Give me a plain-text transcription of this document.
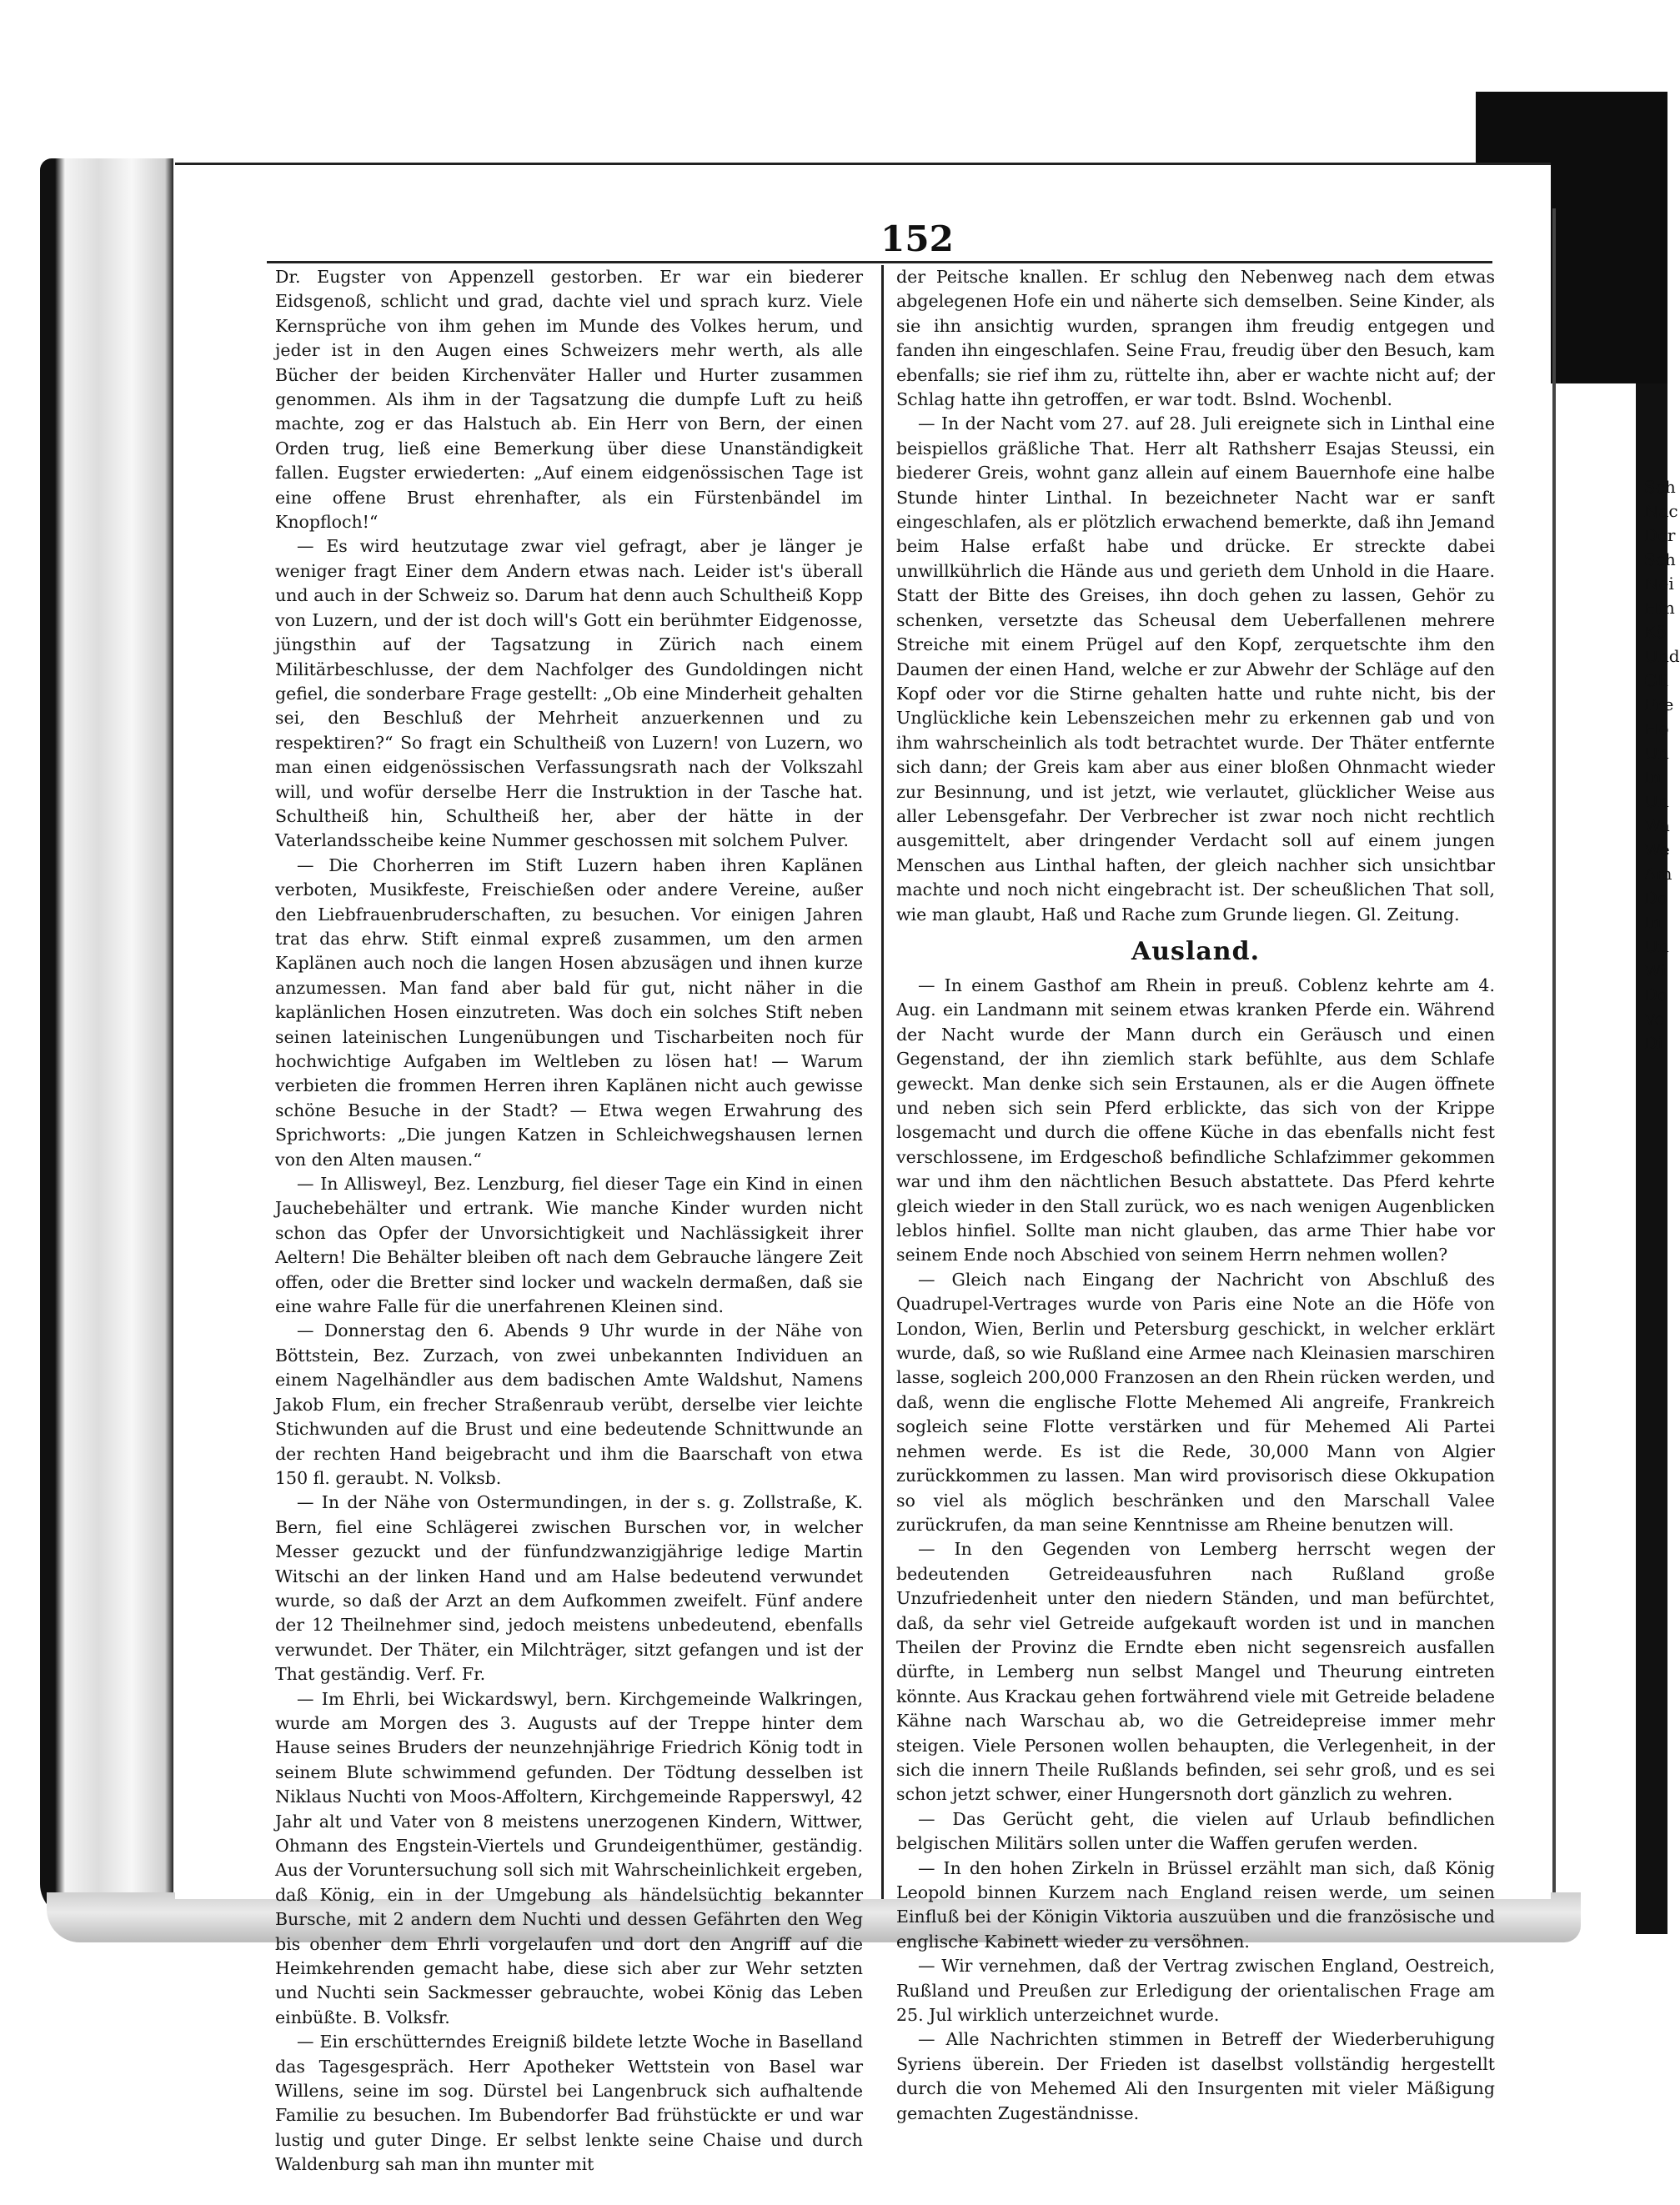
152

Dr. Eugster von Appenzell gestorben. Er war ein biederer Eidsgenoß, schlicht und grad, dachte viel und sprach kurz. Viele Kernsprüche von ihm gehen im Munde des Volkes herum, und jeder ist in den Augen eines Schweizers mehr werth, als alle Bücher der beiden Kirchenväter Haller und Hurter zusammen genommen. Als ihm in der Tagsatzung die dumpfe Luft zu heiß machte, zog er das Halstuch ab. Ein Herr von Bern, der einen Orden trug, ließ eine Bemerkung über diese Unanständigkeit fallen. Eugster erwiederten: „Auf einem eidgenössischen Tage ist eine offene Brust ehrenhafter, als ein Fürstenbändel im Knopfloch!“

— Es wird heutzutage zwar viel gefragt, aber je länger je weniger fragt Einer dem Andern etwas nach. Leider ist's überall und auch in der Schweiz so. Darum hat denn auch Schultheiß Kopp von Luzern, und der ist doch will's Gott ein berühmter Eidgenosse, jüngsthin auf der Tagsatzung in Zürich nach einem Militärbeschlusse, der dem Nachfolger des Gundoldingen nicht gefiel, die sonderbare Frage gestellt: „Ob eine Minderheit gehalten sei, den Beschluß der Mehrheit anzuerkennen und zu respektiren?“ So fragt ein Schultheiß von Luzern! von Luzern, wo man einen eidgenössischen Verfassungsrath nach der Volkszahl will, und wofür derselbe Herr die Instruktion in der Tasche hat. Schultheiß hin, Schultheiß her, aber der hätte in der Vaterlandsscheibe keine Nummer geschossen mit solchem Pulver.

— Die Chorherren im Stift Luzern haben ihren Kaplänen verboten, Musikfeste, Freischießen oder andere Vereine, außer den Liebfrauenbruderschaften, zu besuchen. Vor einigen Jahren trat das ehrw. Stift einmal expreß zusammen, um den armen Kaplänen auch noch die langen Hosen abzusägen und ihnen kurze anzumessen. Man fand aber bald für gut, nicht näher in die kaplänlichen Hosen einzutreten. Was doch ein solches Stift neben seinen lateinischen Lungenübungen und Tischarbeiten noch für hochwichtige Aufgaben im Weltleben zu lösen hat! — Warum verbieten die frommen Herren ihren Kaplänen nicht auch gewisse schöne Besuche in der Stadt? — Etwa wegen Erwahrung des Sprichworts: „Die jungen Katzen in Schleichwegshausen lernen von den Alten mausen.“

— In Allisweyl, Bez. Lenzburg, fiel dieser Tage ein Kind in einen Jauchebehälter und ertrank. Wie manche Kinder wurden nicht schon das Opfer der Unvorsichtigkeit und Nachlässigkeit ihrer Aeltern! Die Behälter bleiben oft nach dem Gebrauche längere Zeit offen, oder die Bretter sind locker und wackeln dermaßen, daß sie eine wahre Falle für die unerfahrenen Kleinen sind.

— Donnerstag den 6. Abends 9 Uhr wurde in der Nähe von Böttstein, Bez. Zurzach, von zwei unbekannten Individuen an einem Nagelhändler aus dem badischen Amte Waldshut, Namens Jakob Flum, ein frecher Straßenraub verübt, derselbe vier leichte Stichwunden auf die Brust und eine bedeutende Schnittwunde an der rechten Hand beigebracht und ihm die Baarschaft von etwa 150 fl. geraubt. N. Volksb.

— In der Nähe von Ostermundingen, in der s. g. Zollstraße, K. Bern, fiel eine Schlägerei zwischen Burschen vor, in welcher Messer gezuckt und der fünfundzwanzigjährige ledige Martin Witschi an der linken Hand und am Halse bedeutend verwundet wurde, so daß der Arzt an dem Aufkommen zweifelt. Fünf andere der 12 Theilnehmer sind, jedoch meistens unbedeutend, ebenfalls verwundet. Der Thäter, ein Milchträger, sitzt gefangen und ist der That geständig. Verf. Fr.

— Im Ehrli, bei Wickardswyl, bern. Kirchgemeinde Walkringen, wurde am Morgen des 3. Augusts auf der Treppe hinter dem Hause seines Bruders der neunzehnjährige Friedrich König todt in seinem Blute schwimmend gefunden. Der Tödtung desselben ist Niklaus Nuchti von Moos-Affoltern, Kirchgemeinde Rapperswyl, 42 Jahr alt und Vater von 8 meistens unerzogenen Kindern, Wittwer, Ohmann des Engstein-Viertels und Grundeigenthümer, geständig. Aus der Voruntersuchung soll sich mit Wahrscheinlichkeit ergeben, daß König, ein in der Umgebung als händelsüchtig bekannter Bursche, mit 2 andern dem Nuchti und dessen Gefährten den Weg bis obenher dem Ehrli vorgelaufen und dort den Angriff auf die Heimkehrenden gemacht habe, diese sich aber zur Wehr setzten und Nuchti sein Sackmesser gebrauchte, wobei König das Leben einbüßte. B. Volksfr.

— Ein erschütterndes Ereigniß bildete letzte Woche in Baselland das Tagesgespräch. Herr Apotheker Wettstein von Basel war Willens, seine im sog. Dürstel bei Langenbruck sich aufhaltende Familie zu besuchen. Im Bubendorfer Bad frühstückte er und war lustig und guter Dinge. Er selbst lenkte seine Chaise und durch Waldenburg sah man ihn munter mit

der Peitsche knallen. Er schlug den Nebenweg nach dem etwas abgelegenen Hofe ein und näherte sich demselben. Seine Kinder, als sie ihn ansichtig wurden, sprangen ihm freudig entgegen und fanden ihn eingeschlafen. Seine Frau, freudig über den Besuch, kam ebenfalls; sie rief ihm zu, rüttelte ihn, aber er wachte nicht auf; der Schlag hatte ihn getroffen, er war todt. Bslnd. Wochenbl.

— In der Nacht vom 27. auf 28. Juli ereignete sich in Linthal eine beispiellos gräßliche That. Herr alt Rathsherr Esajas Steussi, ein biederer Greis, wohnt ganz allein auf einem Bauernhofe eine halbe Stunde hinter Linthal. In bezeichneter Nacht war er sanft eingeschlafen, als er plötzlich erwachend bemerkte, daß ihn Jemand beim Halse erfaßt habe und drücke. Er streckte dabei unwillkührlich die Hände aus und gerieth dem Unhold in die Haare. Statt der Bitte des Greises, ihn doch gehen zu lassen, Gehör zu schenken, versetzte das Scheusal dem Ueberfallenen mehrere Streiche mit einem Prügel auf den Kopf, zerquetschte ihm den Daumen der einen Hand, welche er zur Abwehr der Schläge auf den Kopf oder vor die Stirne gehalten hatte und ruhte nicht, bis der Unglückliche kein Lebenszeichen mehr zu erkennen gab und von ihm wahrscheinlich als todt betrachtet wurde. Der Thäter entfernte sich dann; der Greis kam aber aus einer bloßen Ohnmacht wieder zur Besinnung, und ist jetzt, wie verlautet, glücklicher Weise aus aller Lebensgefahr. Der Verbrecher ist zwar noch nicht rechtlich ausgemittelt, aber dringender Verdacht soll auf einem jungen Menschen aus Linthal haften, der gleich nachher sich unsichtbar machte und noch nicht eingebracht ist. Der scheußlichen That soll, wie man glaubt, Haß und Rache zum Grunde liegen. Gl. Zeitung.

Ausland.

— In einem Gasthof am Rhein in preuß. Coblenz kehrte am 4. Aug. ein Landmann mit seinem etwas kranken Pferde ein. Während der Nacht wurde der Mann durch ein Geräusch und einen Gegenstand, der ihn ziemlich stark befühlte, aus dem Schlafe geweckt. Man denke sich sein Erstaunen, als er die Augen öffnete und neben sich sein Pferd erblickte, das sich von der Krippe losgemacht und durch die offene Küche in das ebenfalls nicht fest verschlossene, im Erdgeschoß befindliche Schlafzimmer gekommen war und ihm den nächtlichen Besuch abstattete. Das Pferd kehrte gleich wieder in den Stall zurück, wo es nach wenigen Augenblicken leblos hinfiel. Sollte man nicht glauben, das arme Thier habe vor seinem Ende noch Abschied von seinem Herrn nehmen wollen?

— Gleich nach Eingang der Nachricht von Abschluß des Quadrupel-Vertrages wurde von Paris eine Note an die Höfe von London, Wien, Berlin und Petersburg geschickt, in welcher erklärt wurde, daß, so wie Rußland eine Armee nach Kleinasien marschiren lasse, sogleich 200,000 Franzosen an den Rhein rücken werden, und daß, wenn die englische Flotte Mehemed Ali angreife, Frankreich sogleich seine Flotte verstärken und für Mehemed Ali Partei nehmen werde. Es ist die Rede, 30,000 Mann von Algier zurückkommen zu lassen. Man wird provisorisch diese Okkupation so viel als möglich beschränken und den Marschall Valee zurückrufen, da man seine Kenntnisse am Rheine benutzen will.

— In den Gegenden von Lemberg herrscht wegen der bedeutenden Getreideausfuhren nach Rußland große Unzufriedenheit unter den niedern Ständen, und man befürchtet, daß, da sehr viel Getreide aufgekauft worden ist und in manchen Theilen der Provinz die Erndte eben nicht segensreich ausfallen dürfte, in Lemberg nun selbst Mangel und Theurung eintreten könnte. Aus Krackau gehen fortwährend viele mit Getreide beladene Kähne nach Warschau ab, wo die Getreidepreise immer mehr steigen. Viele Personen wollen behaupten, die Verlegenheit, in der sich die innern Theile Rußlands befinden, sei sehr groß, und es sei schon jetzt schwer, einer Hungersnoth dort gänzlich zu wehren.

— Das Gerücht geht, die vielen auf Urlaub befindlichen belgischen Militärs sollen unter die Waffen gerufen werden.

— In den hohen Zirkeln in Brüssel erzählt man sich, daß König Leopold binnen Kurzem nach England reisen werde, um seinen Einfluß bei der Königin Viktoria auszuüben und die französische und englische Kabinett wieder zu versöhnen.

— Wir vernehmen, daß der Vertrag zwischen England, Oestreich, Rußland und Preußen zur Erledigung der orientalischen Frage am 25. Jul wirklich unterzeichnet wurde.

— Alle Nachrichten stimmen in Betreff der Wiederberuhigung Syriens überein. Der Frieden ist daselbst vollständig hergestellt durch die von Mehemed Ali den Insurgenten mit vieler Mäßigung gemachten Zugeständnisse.

Sch
Nac
Der
Sch
Nei
Hin
Kö
Und
Gli
Fre
Ho
Un
In
Un
Wa
We
Am
Do
In
Un
Wi
Do
Ve
Di
